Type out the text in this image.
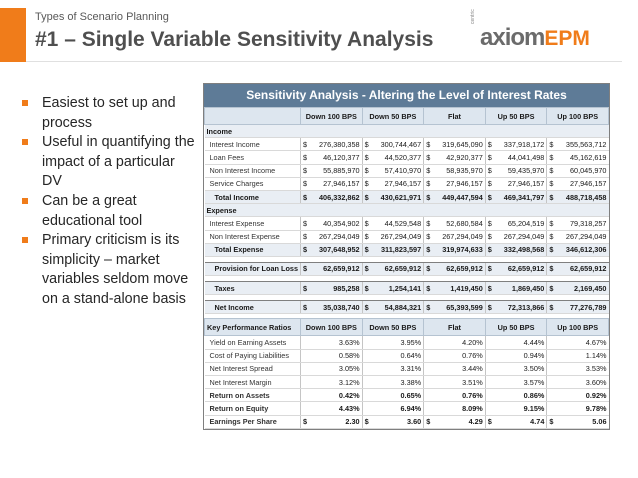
Types of Scenario Planning
#1 – Single Variable Sensitivity Analysis
centric
axiomEPM
Easiest to set up and process
Useful in quantifying the impact of a particular DV
Can be a great educational tool
Primary criticism is its simplicity – market variables seldom move on a stand-alone basis
Sensitivity Analysis - Altering the Level of Interest Rates
	Down 100 BPS		Down 50 BPS		Flat		Up 50 BPS		Up 100 BPS	
Income										
Interest Income	$	276,380,358	$	300,744,467	$	319,645,090	$	337,918,172	$	355,563,712
Loan Fees	$	46,120,377	$	44,520,377	$	42,920,377	$	44,041,498	$	45,162,619
Non Interest Income	$	55,885,970	$	57,410,970	$	58,935,970	$	59,435,970	$	60,045,970
Service Charges	$	27,946,157	$	27,946,157	$	27,946,157	$	27,946,157	$	27,946,157
Total Income	$	406,332,862	$	430,621,971	$	449,447,594	$	469,341,797	$	488,718,458
Expense										
Interest Expense	$	40,354,902	$	44,529,548	$	52,680,584	$	65,204,519	$	79,318,257
Non Interest Expense	$	267,294,049	$	267,294,049	$	267,294,049	$	267,294,049	$	267,294,049
Total Expense	$	307,648,952	$	311,823,597	$	319,974,633	$	332,498,568	$	346,612,306

Provision for Loan Loss	$	62,659,912	$	62,659,912	$	62,659,912	$	62,659,912	$	62,659,912

Taxes	$	985,258	$	1,254,141	$	1,419,450	$	1,869,450	$	2,169,450

Net Income	$	35,038,740	$	54,884,321	$	65,393,599	$	72,313,866	$	77,276,789
Key Performance Ratios	Down 100 BPS		Down 50 BPS		Flat		Up 50 BPS		Up 100 BPS	
Yield on Earning Assets		3.63%		3.95%		4.20%		4.44%		4.67%
Cost of Paying Liabilities		0.58%		0.64%		0.76%		0.94%		1.14%
Net Interest Spread		3.05%		3.31%		3.44%		3.50%		3.53%
Net Interest Margin		3.12%		3.38%		3.51%		3.57%		3.60%
Return on Assets		0.42%		0.65%		0.76%		0.86%		0.92%
Return on Equity		4.43%		6.94%		8.09%		9.15%		9.78%
Earnings Per Share	$	2.30	$	3.60	$	4.29	$	4.74	$	5.06
